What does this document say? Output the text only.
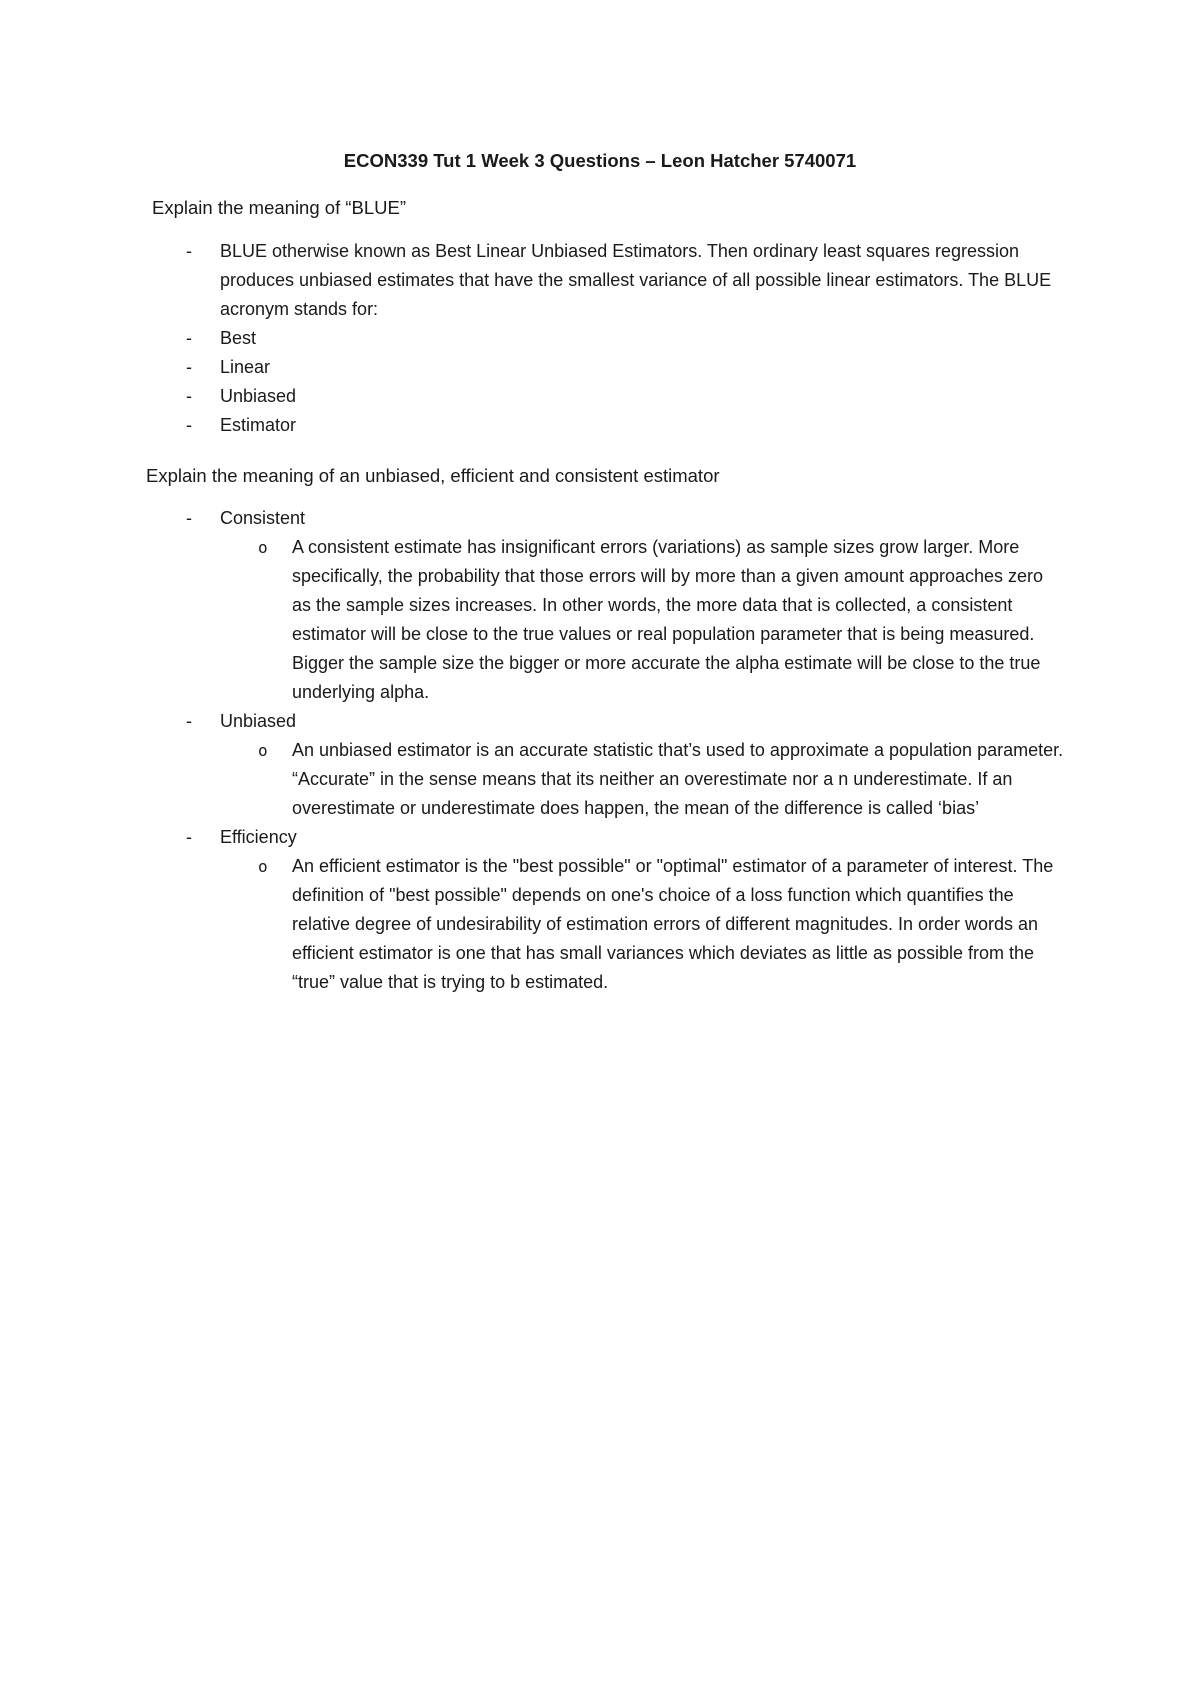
ECON339 Tut 1 Week 3 Questions – Leon Hatcher 5740071
Explain the meaning of “BLUE”
- BLUE otherwise known as Best Linear Unbiased Estimators. Then ordinary least squares regression produces unbiased estimates that have the smallest variance of all possible linear estimators. The BLUE acronym stands for:
- Best
- Linear
- Unbiased
- Estimator
Explain the meaning of an unbiased, efficient and consistent estimator
- Consistent
o A consistent estimate has insignificant errors (variations) as sample sizes grow larger. More specifically, the probability that those errors will by more than a given amount approaches zero as the sample sizes increases. In other words, the more data that is collected, a consistent estimator will be close to the true values or real population parameter that is being measured. Bigger the sample size the bigger or more accurate the alpha estimate will be close to the true underlying alpha.
- Unbiased
o An unbiased estimator is an accurate statistic that’s used to approximate a population parameter. “Accurate” in the sense means that its neither an overestimate nor a n underestimate. If an overestimate or underestimate does happen, the mean of the difference is called ‘bias’
- Efficiency
o An efficient estimator is the "best possible" or "optimal" estimator of a parameter of interest. The definition of "best possible" depends on one's choice of a loss function which quantifies the relative degree of undesirability of estimation errors of different magnitudes. In order words an efficient estimator is one that has small variances which deviates as little as possible from the “true” value that is trying to b estimated.
